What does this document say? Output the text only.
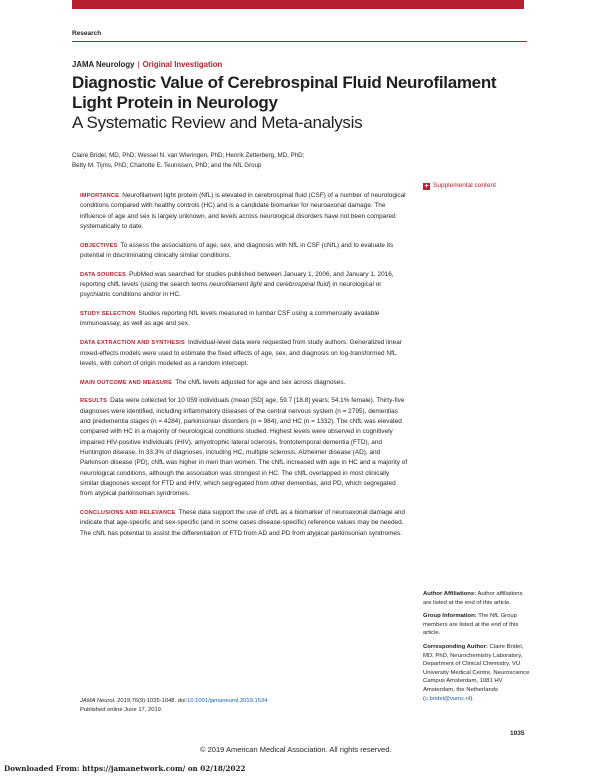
Research
JAMA Neurology | Original Investigation
Diagnostic Value of Cerebrospinal Fluid Neurofilament Light Protein in Neurology
A Systematic Review and Meta-analysis
Claire Bridel, MD, PhD; Wessel N. van Wieringen, PhD; Henrik Zetterberg, MD, PhD;
Betty M. Tijms, PhD; Charlotte E. Teunissen, PhD; and the NfL Group
+ Supplemental content

IMPORTANCE Neurofilament light protein (NfL) is elevated in cerebrospinal fluid (CSF) of a number of neurological conditions compared with healthy controls (HC) and is a candidate biomarker for neuroaxonal damage. The influence of age and sex is largely unknown, and levels across neurological disorders have not been compared systematically to date.

OBJECTIVES To assess the associations of age, sex, and diagnosis with NfL in CSF (cNfL) and to evaluate its potential in discriminating clinically similar conditions.

DATA SOURCES PubMed was searched for studies published between January 1, 2006, and January 1, 2016, reporting cNfL levels (using the search terms neurofilament light and cerebrospinal fluid) in neurological or psychiatric conditions and/or in HC.

STUDY SELECTION Studies reporting NfL levels measured in lumbar CSF using a commercially available immunoassay, as well as age and sex.

DATA EXTRACTION AND SYNTHESIS Individual-level data were requested from study authors. Generalized linear mixed-effects models were used to estimate the fixed effects of age, sex, and diagnosis on log-transformed NfL levels, with cohort of origin modeled as a random intercept.

MAIN OUTCOME AND MEASURE The cNfL levels adjusted for age and sex across diagnoses.

RESULTS Data were collected for 10 059 individuals (mean [SD] age, 59.7 [18.8] years; 54.1% female). Thirty-five diagnoses were identified, including inflammatory diseases of the central nervous system (n = 2795), dementias and predementia stages (n = 4284), parkinsonian disorders (n = 984), and HC (n = 1332). The cNfL was elevated compared with HC in a majority of neurological conditions studied. Highest levels were observed in cognitively impaired HIV-positive individuals (iHIV), amyotrophic lateral sclerosis, frontotemporal dementia (FTD), and Huntington disease. In 33.3% of diagnoses, including HC, multiple sclerosis, Alzheimer disease (AD), and Parkinson disease (PD), cNfL was higher in men than women. The cNfL increased with age in HC and a majority of neurological conditions, although the association was strongest in HC. The cNfL overlapped in most clinically similar diagnoses except for FTD and iHIV, which segregated from other dementias, and PD, which segregated from atypical parkinsonian syndromes.

CONCLUSIONS AND RELEVANCE These data support the use of cNfL as a biomarker of neuroaxonal damage and indicate that age-specific and sex-specific (and in some cases disease-specific) reference values may be needed. The cNfL has potential to assist the differentiation of FTD from AD and PD from atypical parkinsonian syndromes.

Author Affiliations: Author affiliations are listed at the end of this article.

Group Information: The NfL Group members are listed at the end of this article.

Corresponding Author: Claire Bridel, MD, PhD, Neurochemistry Laboratory, Department of Clinical Chemistry, VU University Medical Centre, Neuroscience Campus Amsterdam, 1081 HV Amsterdam, the Netherlands (c.bridel@vumc.nl).

JAMA Neurol. 2019;76(9):1035-1048. doi:10.1001/jamaneurol.2019.1534
Published online June 17, 2019.
1035
© 2019 American Medical Association. All rights reserved.
Downloaded From: https://jamanetwork.com/ on 02/18/2022
